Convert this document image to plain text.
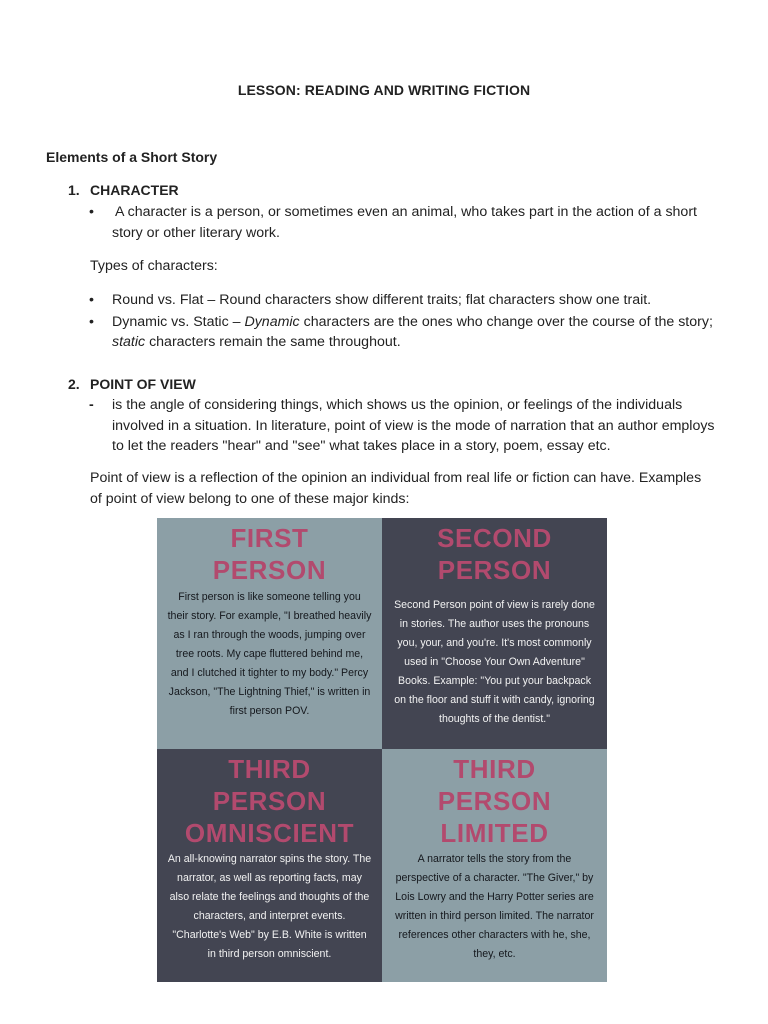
LESSON: READING AND WRITING FICTION
Elements of a Short Story
1. CHARACTER
•	A character is a person, or sometimes even an animal, who takes part in the action of a short story or other literary work.
Types of characters:
•	Round vs. Flat – Round characters show different traits; flat characters show one trait.
•	Dynamic vs. Static – Dynamic characters are the ones who change over the course of the story; static characters remain the same throughout.
2. POINT OF VIEW
-	is the angle of considering things, which shows us the opinion, or feelings of the individuals involved in a situation. In literature, point of view is the mode of narration that an author employs to let the readers "hear" and "see" what takes place in a story, poem, essay etc.
Point of view is a reflection of the opinion an individual from real life or fiction can have. Examples of point of view belong to one of these major kinds:
FIRST PERSON
First person is like someone telling you their story. For example, "I breathed heavily as I ran through the woods, jumping over tree roots. My cape fluttered behind me, and I clutched it tighter to my body." Percy Jackson, "The Lightning Thief," is written in first person POV.
SECOND PERSON
Second Person point of view is rarely done in stories. The author uses the pronouns you, your, and you're. It's most commonly used in "Choose Your Own Adventure" Books. Example: "You put your backpack on the floor and stuff it with candy, ignoring thoughts of the dentist."
THIRD PERSON OMNISCIENT
An all-knowing narrator spins the story. The narrator, as well as reporting facts, may also relate the feelings and thoughts of the characters, and interpret events. "Charlotte's Web" by E.B. White is written in third person omniscient.
THIRD PERSON LIMITED
A narrator tells the story from the perspective of a character. "The Giver," by Lois Lowry and the Harry Potter series are written in third person limited. The narrator references other characters with he, she, they, etc.
